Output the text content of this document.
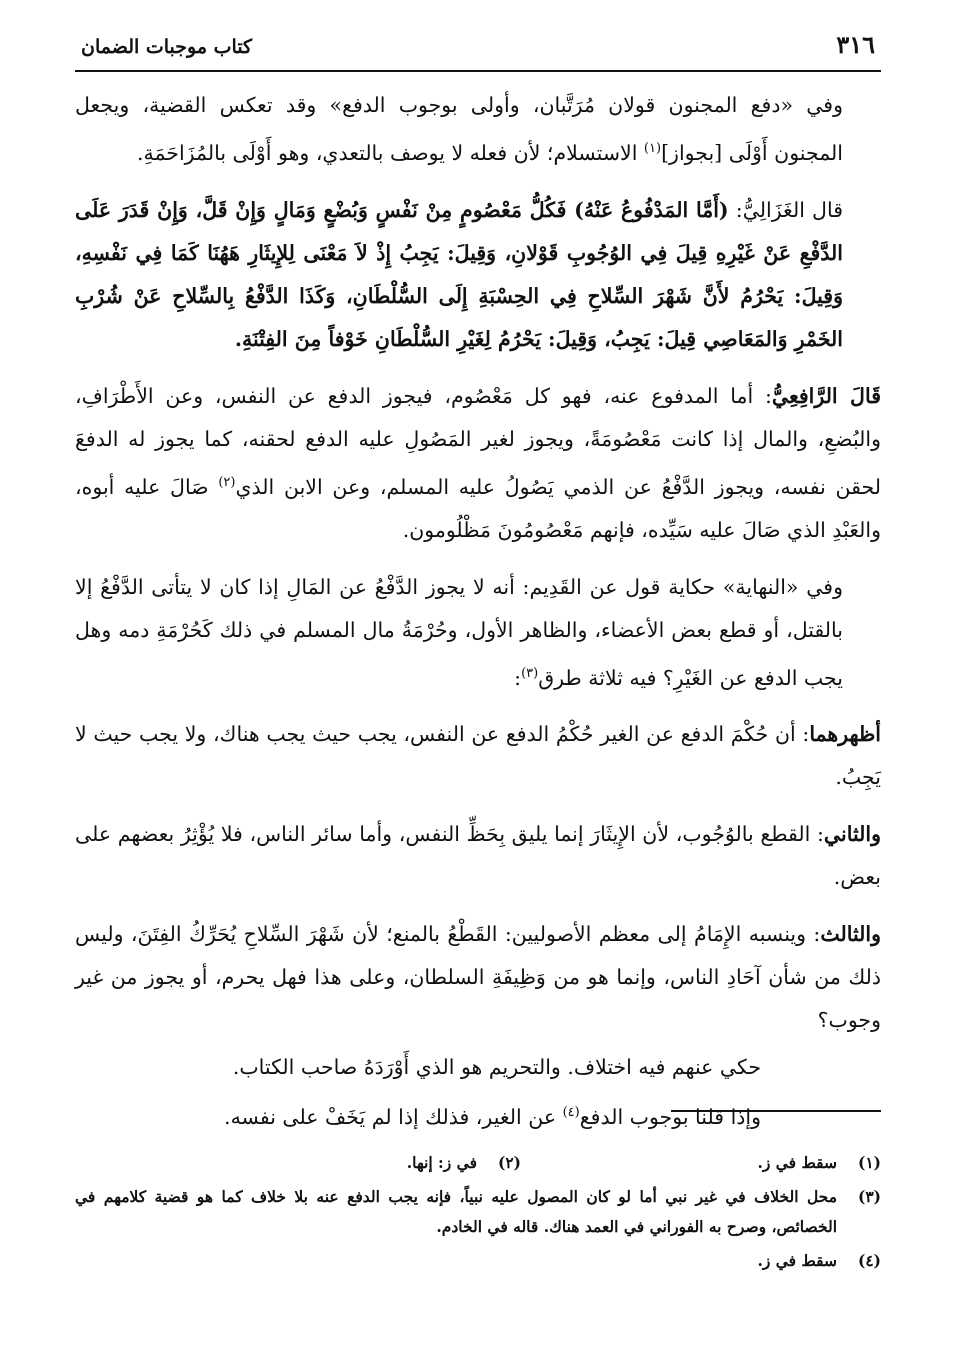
٣١٦
كتاب موجبات الضمان

وفي «دفع المجنون قولان مُرَتَّبان، وأولى بوجوب الدفع» وقد تعكس القضية، ويجعل المجنون أَوْلَى [بجواز]$^{(١)}$ الاستسلام؛ لأن فعله لا يوصف بالتعدي، وهو أَوْلَى بالمُزَاحَمَةِ.

قال الغَزَالِيُّ: (أَمَّا المَدْفُوعُ عَنْهُ) فَكُلُّ مَعْصُومٍ مِنْ نَفْسٍ وَبُضْعٍ وَمَالٍ وَإِنْ قَلَّ، وَإِنْ قَدَرَ عَلَى الدَّفْعِ عَنْ غَيْرِهِ قِيلَ فِي الوُجُوبِ قَوْلانِ، وَقِيلَ: يَجِبُ إِذْ لاَ مَعْنَى لِلإِيثَارِ هَهُنَا كَمَا فِي نَفْسِهِ، وَقِيلَ: يَحْرُمُ لأَنَّ شَهْرَ السِّلاحِ فِي الحِسْبَةِ إِلَى السُّلْطَانِ، وَكَذَا الدَّفْعُ بِالسِّلاحِ عَنْ شُرْبِ الخَمْرِ وَالمَعَاصِي قِيلَ: يَجِبُ، وَقِيلَ: يَحْرُمُ لِغَيْرِ السُّلْطَانِ خَوْفاً مِنَ الفِتْنَةِ.

قَالَ الرَّافِعِيُّ: أما المدفوع عنه، فهو كل مَعْصُوم، فيجوز الدفع عن النفس، وعن الأَطْرَافِ، والبُضعِ، والمال إذا كانت مَعْصُومَةً، ويجوز لغير المَصُولِ عليه الدفع لحقنه، كما يجوز له الدفعَ لحقن نفسه، ويجوز الدَّفْعُ عن الذمي يَصُولُ عليه المسلم، وعن الابن الذي$^{(٢)}$ صَالَ عليه أبوه، والعَبْدِ الذي صَالَ عليه سَيِّده، فإنهم مَعْصُومُونَ مَظْلُومون.

وفي «النهاية» حكاية قول عن القَدِيم: أنه لا يجوز الدَّفْعُ عن المَالِ إذا كان لا يتأتى الدَّفْعُ إلا بالقتل، أو قطع بعض الأعضاء، والظاهر الأول، وحُرْمَةُ مال المسلم في ذلك كَحُرْمَةِ دمه وهل يجب الدفع عن الغَيْرِ؟ فيه ثلاثة طرق$^{(٣)}$:

أظهرهما: أن حُكْمَ الدفع عن الغير حُكْمُ الدفع عن النفس، يجب حيث يجب هناك، ولا يجب حيث لا يَجِبُ.

والثاني: القطع بالوُجُوب، لأن الإِيثَارَ إنما يليق بِحَظِّ النفس، وأما سائر الناس، فلا يُؤْثِرُ بعضهم على بعض.

والثالث: وينسبه الإِمَامُ إلى معظم الأصوليين: القَطْعُ بالمنع؛ لأن شَهْرَ السِّلاحِ يُحَرِّكُ الفِتَنَ، وليس ذلك من شأن آحَادِ الناس، وإنما هو من وَظِيفَةِ السلطان، وعلى هذا فهل يحرم، أو يجوز من غير وجوب؟

حكي عنهم فيه اختلاف. والتحريم هو الذي أَوْرَدَهُ صاحب الكتاب.

وإذا قلنا بوجوب الدفع$^{(٤)}$ عن الغير، فذلك إذا لم يَخَفْ على نفسه.

(١)
سقط في ز.
(٢)
في ز: إنها.
(٣)
محل الخلاف في غير نبي أما لو كان المصول عليه نبياً، فإنه يجب الدفع عنه بلا خلاف كما هو قضية كلامهم في الخصائص، وصرح به الفوراني في العمد هناك. قاله في الخادم.
(٤)
سقط في ز.
